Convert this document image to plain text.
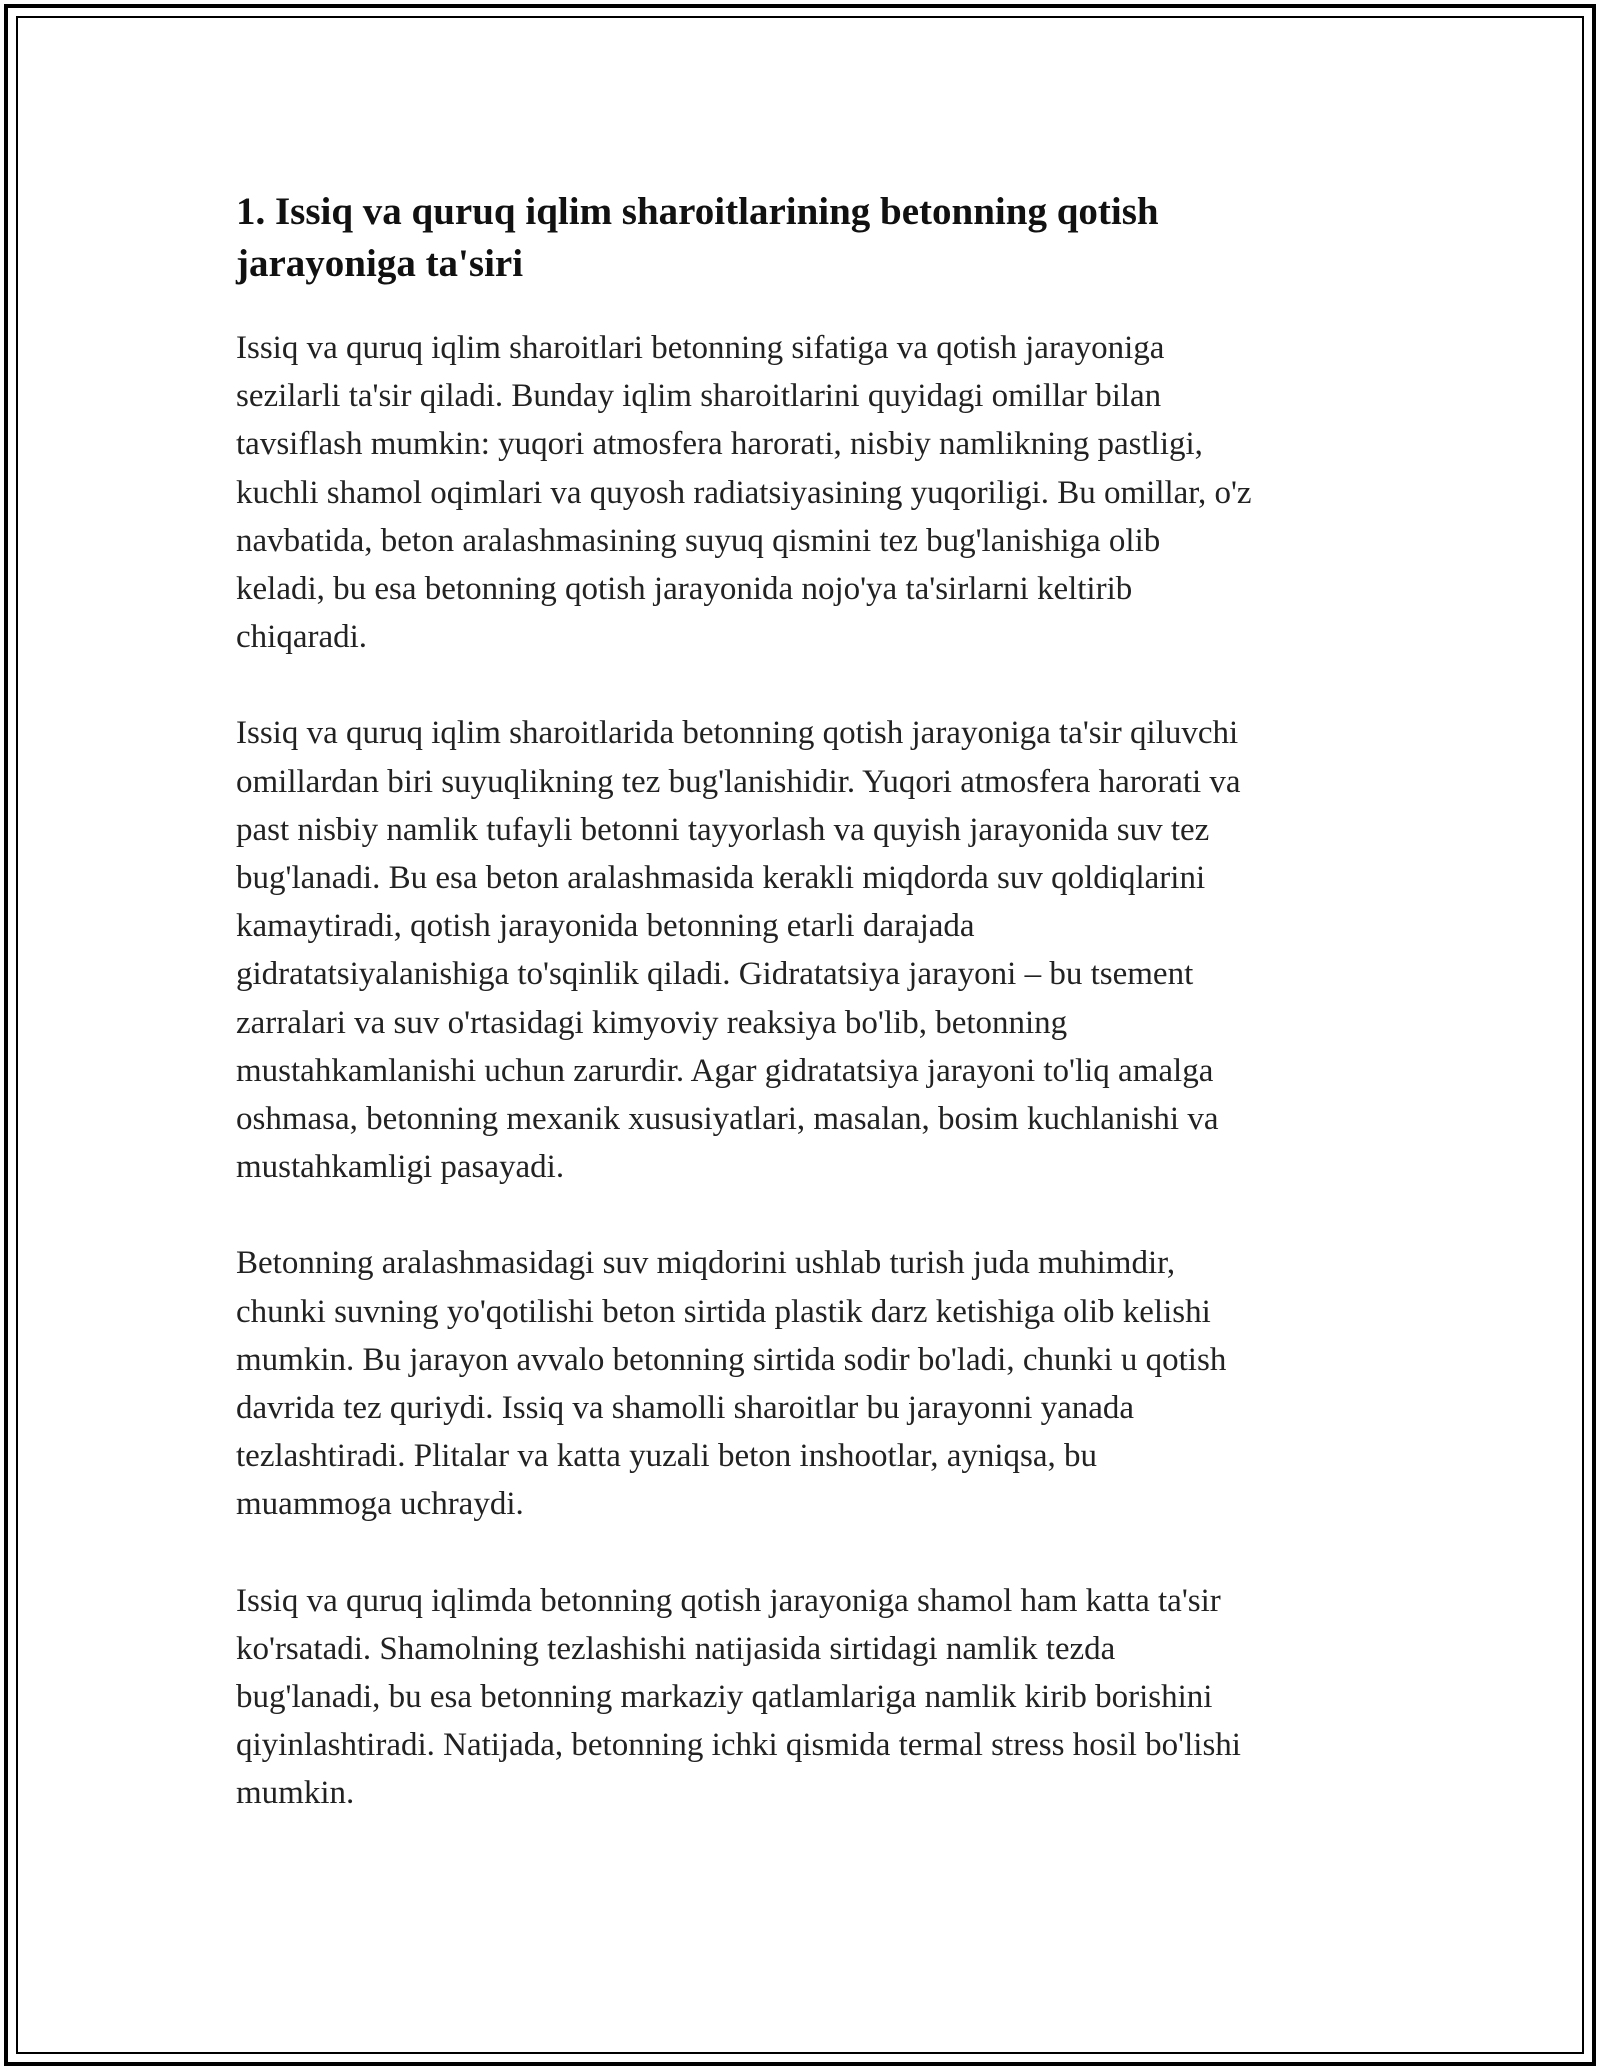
1. Issiq va quruq iqlim sharoitlarining betonning qotish
jarayoniga ta'siri

Issiq va quruq iqlim sharoitlari betonning sifatiga va qotish jarayoniga
sezilarli ta'sir qiladi. Bunday iqlim sharoitlarini quyidagi omillar bilan
tavsiflash mumkin: yuqori atmosfera harorati, nisbiy namlikning pastligi,
kuchli shamol oqimlari va quyosh radiatsiyasining yuqoriligi. Bu omillar, o'z
navbatida, beton aralashmasining suyuq qismini tez bug'lanishiga olib
keladi, bu esa betonning qotish jarayonida nojo'ya ta'sirlarni keltirib
chiqaradi.

Issiq va quruq iqlim sharoitlarida betonning qotish jarayoniga ta'sir qiluvchi
omillardan biri suyuqlikning tez bug'lanishidir. Yuqori atmosfera harorati va
past nisbiy namlik tufayli betonni tayyorlash va quyish jarayonida suv tez
bug'lanadi. Bu esa beton aralashmasida kerakli miqdorda suv qoldiqlarini
kamaytiradi, qotish jarayonida betonning etarli darajada
gidratatsiyalanishiga to'sqinlik qiladi. Gidratatsiya jarayoni – bu tsement
zarralari va suv o'rtasidagi kimyoviy reaksiya bo'lib, betonning
mustahkamlanishi uchun zarurdir. Agar gidratatsiya jarayoni to'liq amalga
oshmasa, betonning mexanik xususiyatlari, masalan, bosim kuchlanishi va
mustahkamligi pasayadi.

Betonning aralashmasidagi suv miqdorini ushlab turish juda muhimdir,
chunki suvning yo'qotilishi beton sirtida plastik darz ketishiga olib kelishi
mumkin. Bu jarayon avvalo betonning sirtida sodir bo'ladi, chunki u qotish
davrida tez quriydi. Issiq va shamolli sharoitlar bu jarayonni yanada
tezlashtiradi. Plitalar va katta yuzali beton inshootlar, ayniqsa, bu
muammoga uchraydi.

Issiq va quruq iqlimda betonning qotish jarayoniga shamol ham katta ta'sir
ko'rsatadi. Shamolning tezlashishi natijasida sirtidagi namlik tezda
bug'lanadi, bu esa betonning markaziy qatlamlariga namlik kirib borishini
qiyinlashtiradi. Natijada, betonning ichki qismida termal stress hosil bo'lishi
mumkin.
